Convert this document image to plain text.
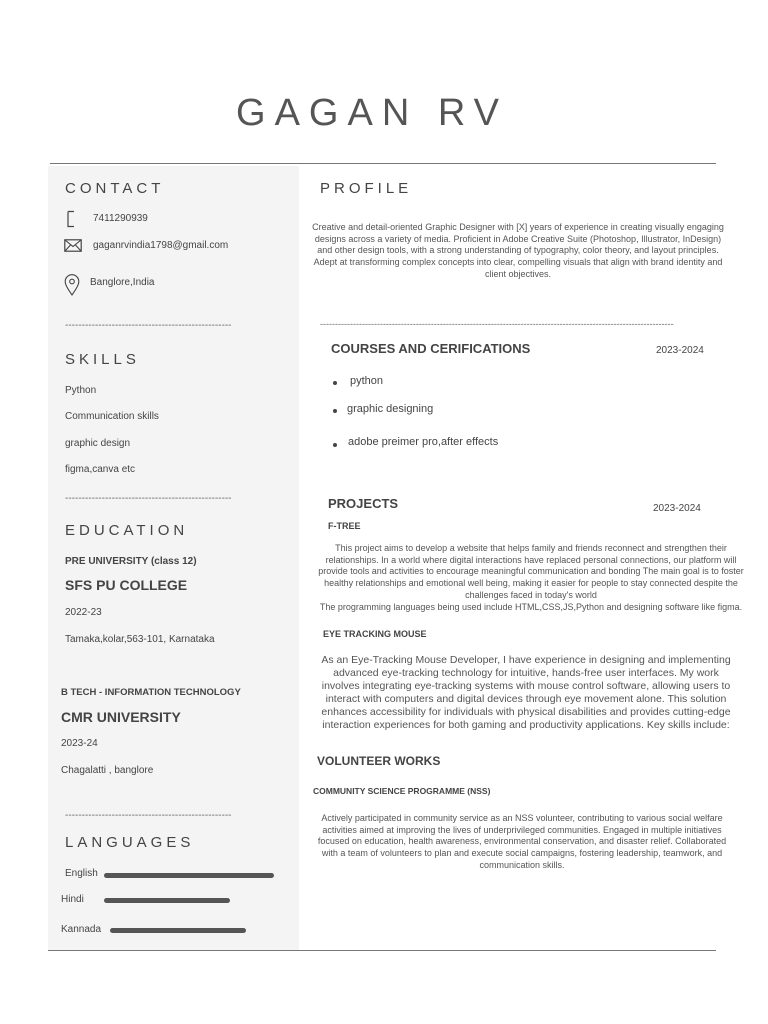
GAGAN RV
CONTACT
7411290939
gaganrvindia1798@gmail.com
Banglore,India
--------------------------------------------------
SKILLS
Python
Communication skills
graphic design
figma,canva etc
--------------------------------------------------
EDUCATION
PRE UNIVERSITY (class 12)
SFS PU COLLEGE
2022-23
Tamaka,kolar,563-101, Karnataka
B TECH - INFORMATION TECHNOLOGY
CMR UNIVERSITY
2023-24
Chagalatti , banglore
--------------------------------------------------
LANGUAGES
English
Hindi
Kannada
PROFILE
Creative and detail-oriented Graphic Designer with [X] years of experience in creating visually engaging designs across a variety of media. Proficient in Adobe Creative Suite (Photoshop, Illustrator, InDesign) and other design tools, with a strong understanding of typography, color theory, and layout principles. Adept at transforming complex concepts into clear, compelling visuals that align with brand identity and client objectives.
----------------------------------------------------------------------------------------------------------------------
COURSES AND CERIFICATIONS	2023-2024
python
graphic designing
adobe preimer pro,after effects
PROJECTS	2023-2024
F-TREE
This project aims to develop a website that helps family and friends reconnect and strengthen their relationships. In a world where digital interactions have replaced personal connections, our platform will provide tools and activities to encourage meaningful communication and bonding The main goal is to foster healthy relationships and emotional well being, making it easier for people to stay connected despite the challenges faced in today's world
The programming languages being used include HTML,CSS,JS,Python and designing software like figma.
EYE TRACKING MOUSE
As an Eye-Tracking Mouse Developer, I have experience in designing and implementing advanced eye-tracking technology for intuitive, hands-free user interfaces. My work involves integrating eye-tracking systems with mouse control software, allowing users to interact with computers and digital devices through eye movement alone. This solution enhances accessibility for individuals with physical disabilities and provides cutting-edge interaction experiences for both gaming and productivity applications. Key skills include:
VOLUNTEER WORKS
COMMUNITY SCIENCE PROGRAMME (NSS)
Actively participated in community service as an NSS volunteer, contributing to various social welfare activities aimed at improving the lives of underprivileged communities. Engaged in multiple initiatives focused on education, health awareness, environmental conservation, and disaster relief. Collaborated with a team of volunteers to plan and execute social campaigns, fostering leadership, teamwork, and communication skills.
